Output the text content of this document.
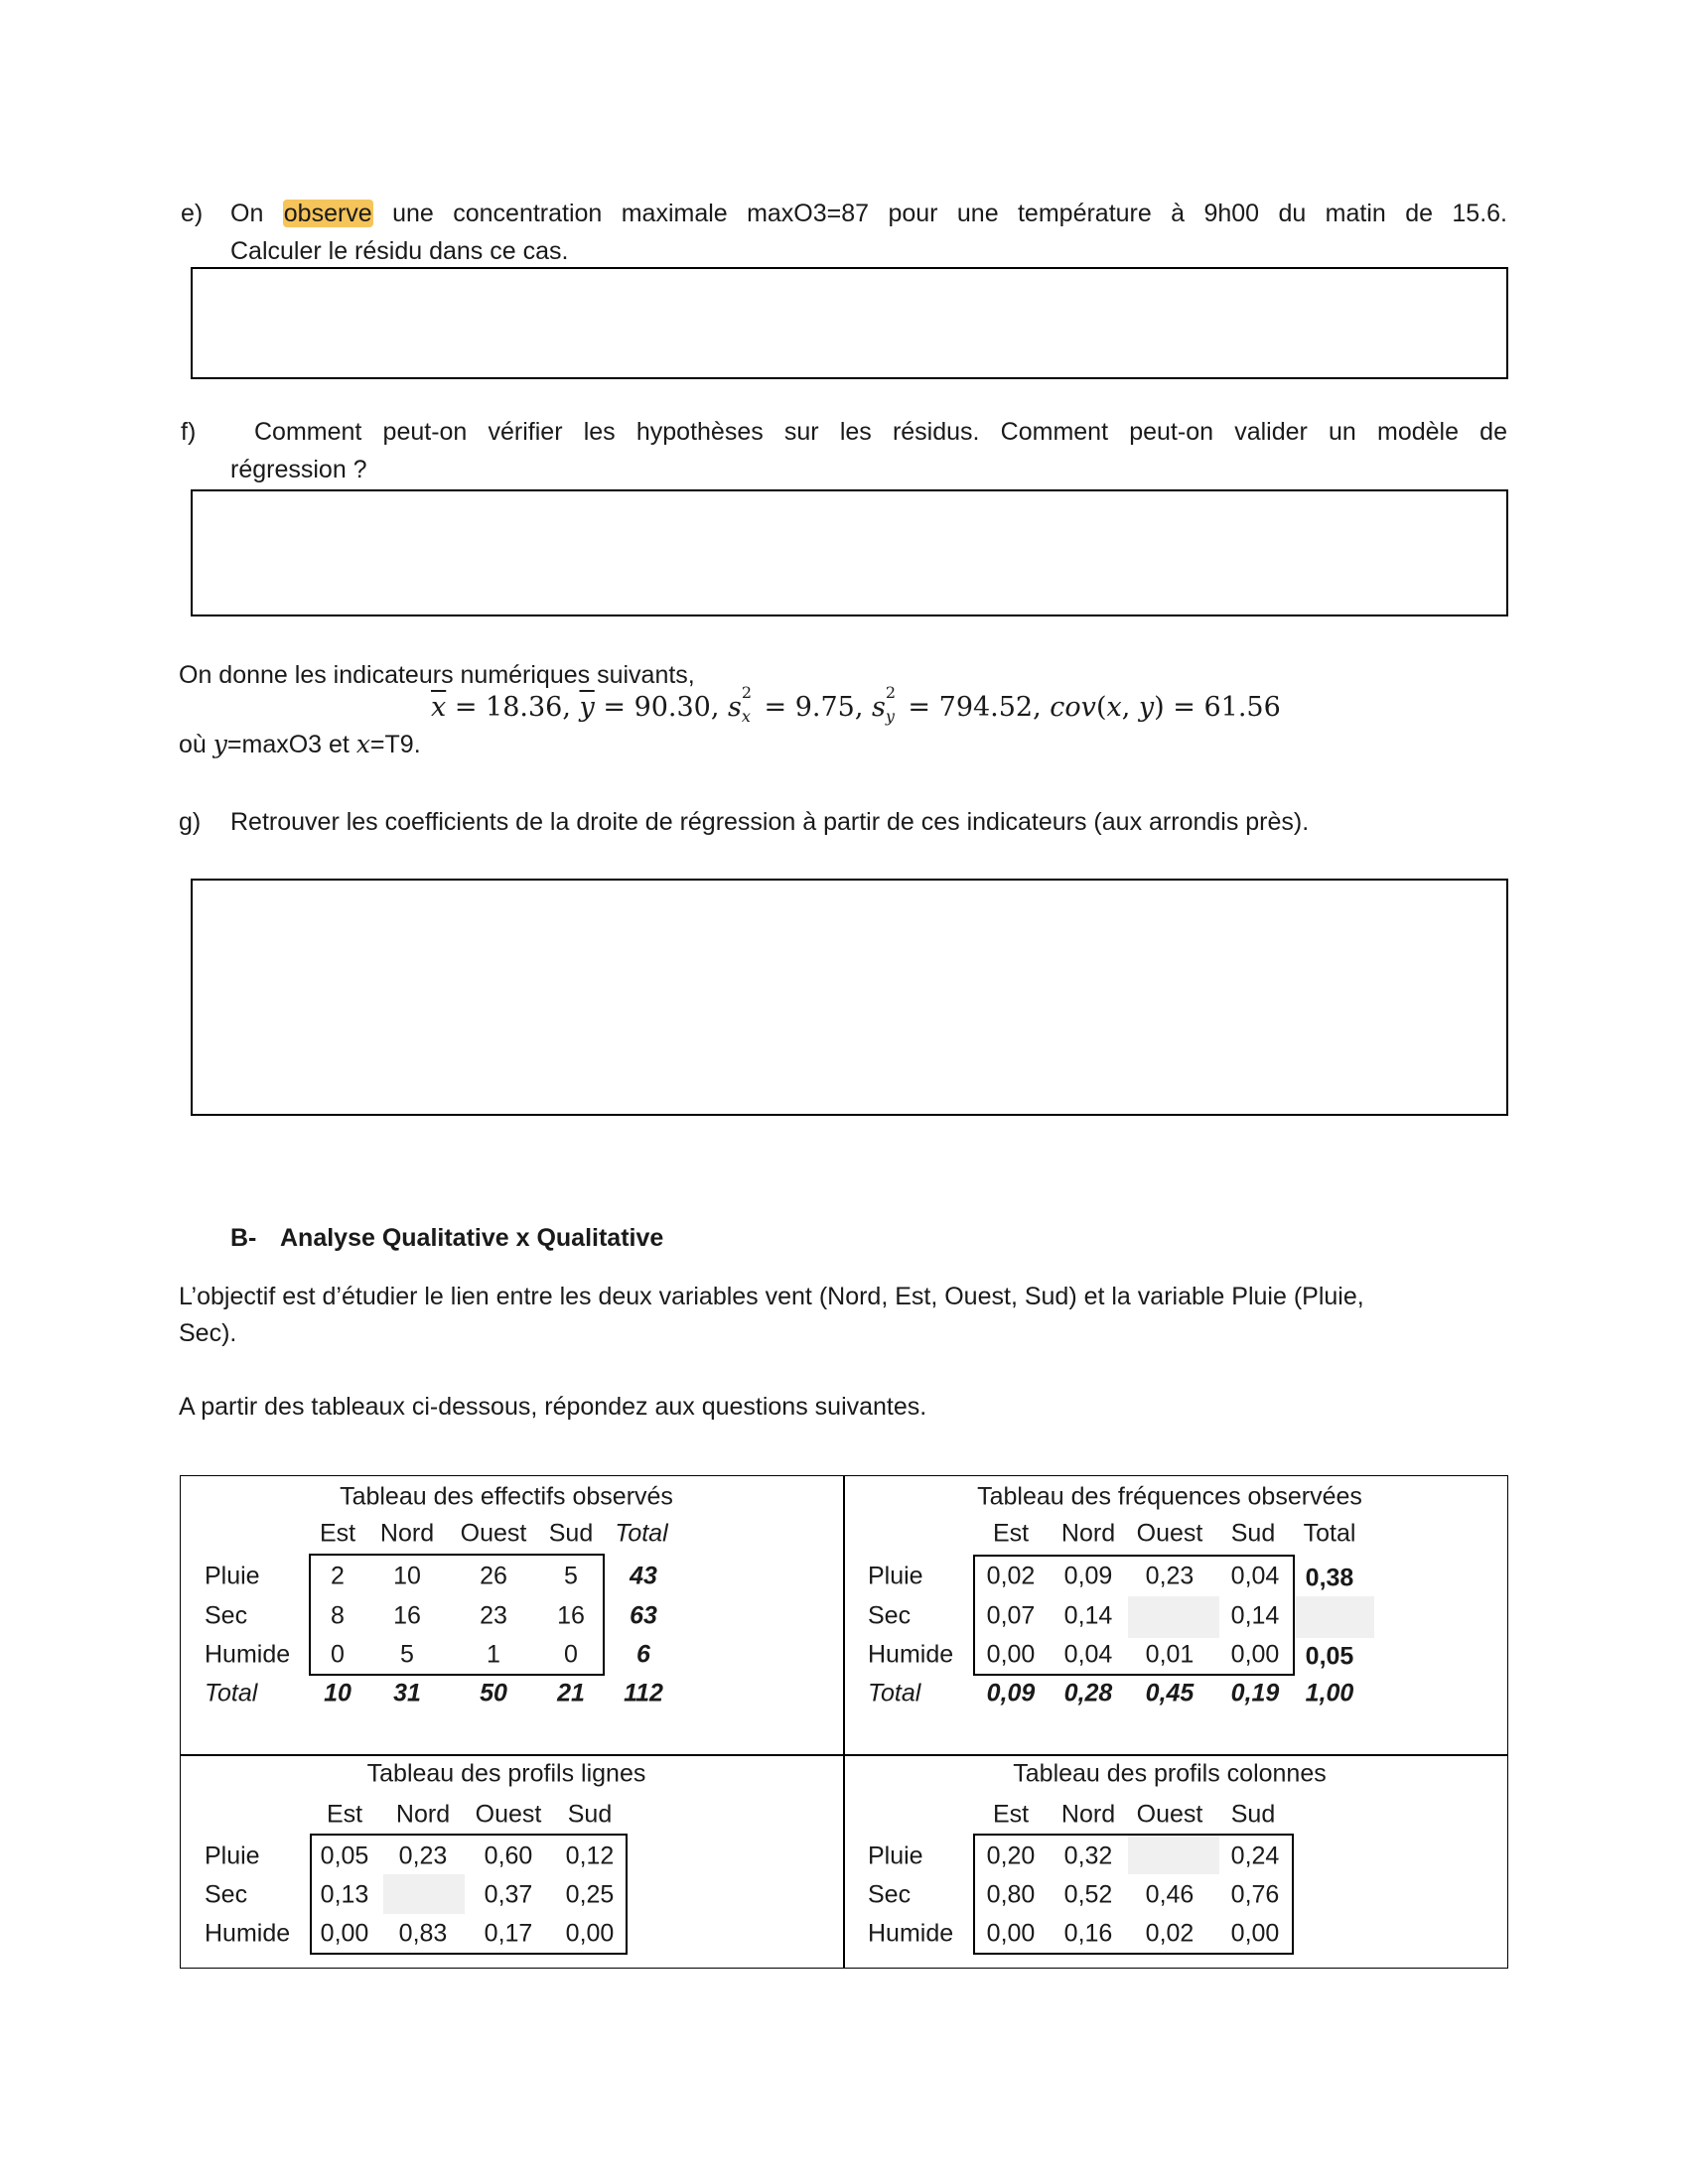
e) On observe une concentration maximale maxO3=87 pour une température à 9h00 du matin de 15.6.
Calculer le résidu dans ce cas.
f) Comment peut-on vérifier les hypothèses sur les résidus. Comment peut-on valider un modèle de
régression ?
On donne les indicateurs numériques suivants,
$\overline{x} = 18.36$, $\overline{y} = 90.30$, s 2
x = 9.75, s 2
y = 794.52, cov(x, y) = 61.56
où y=maxO3 et x=T9.
g) Retrouver les coefficients de la droite de régression à partir de ces indicateurs (aux arrondis près).
B- Analyse Qualitative x Qualitative
L’objectif est d’étudier le lien entre les deux variables vent (Nord, Est, Ouest, Sud) et la variable Pluie (Pluie,
Sec).
A partir des tableaux ci-dessous, répondez aux questions suivantes.
Tableau des effectifs observés
Est Nord Ouest Sud Total
Pluie	2 10 26 5 43
Sec	8 16 23 16 63
Humide 0 5	1	0 6
Total	10 31 50 21 112
Tableau des fréquences observées
Est Nord Ouest Sud Total
Pluie	0,02 0,09 0,23 0,04 0,38
Sec	0,07 0,14	0,14
Humide 0,00 0,04 0,01 0,00 0,05
Total	0,09 0,28 0,45 0,19 1,00
Tableau des profils lignes
Est Nord Ouest Sud
Pluie 0,05 0,23 0,60 0,12
Sec	0,13	0,37 0,25
Humide 0,00 0,83 0,17 0,00
Tableau des profils colonnes
Est Nord Ouest Sud
Pluie	0,20 0,32	0,24
Sec	0,80 0,52 0,46 0,76
Humide 0,00 0,16 0,02 0,00
